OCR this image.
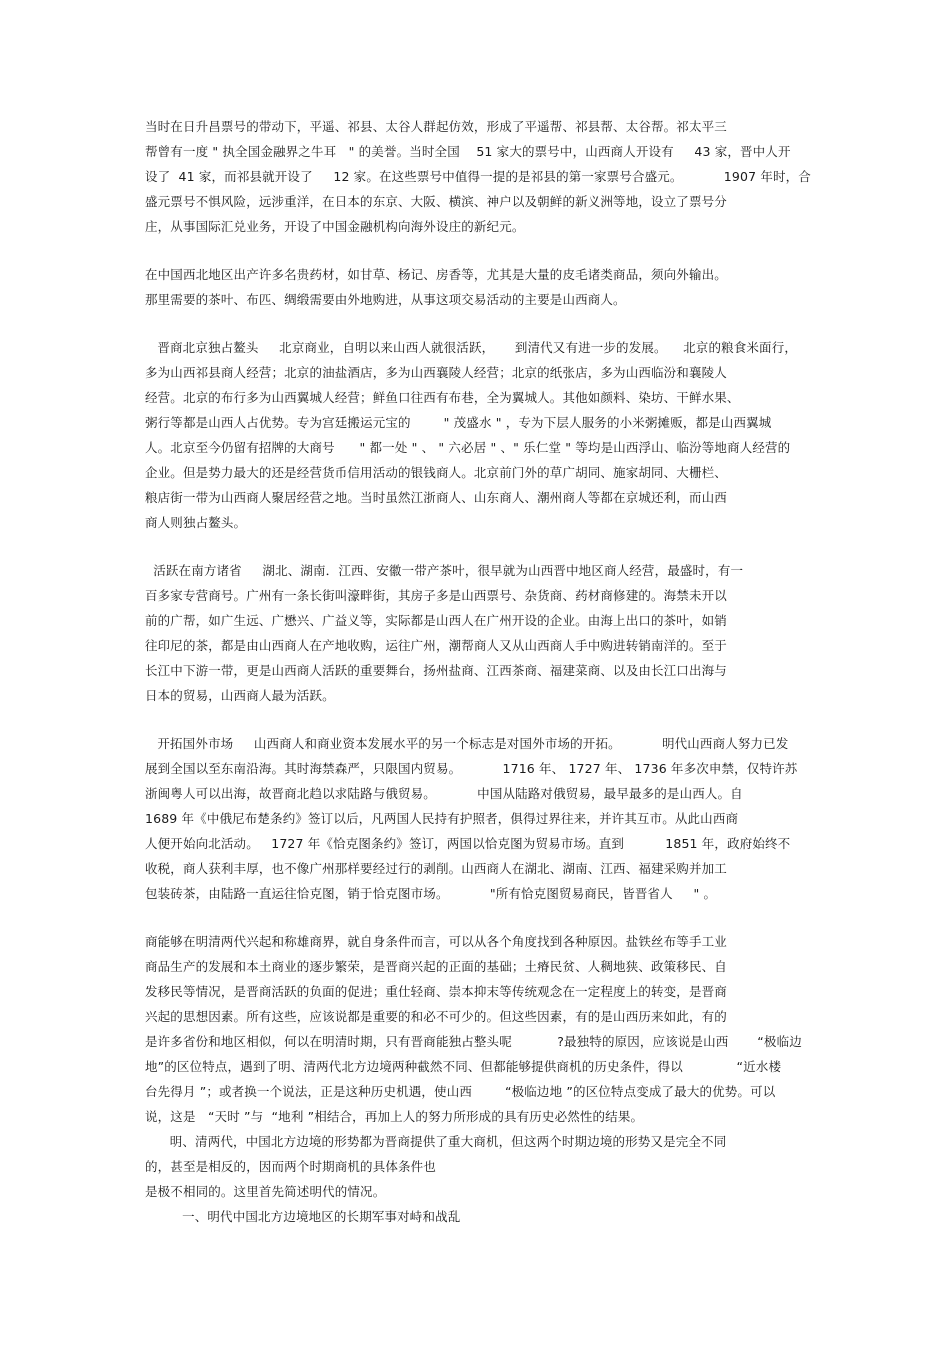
当时在日升昌票号的带动下，平遥、祁县、太谷人群起仿效，形成了平遥帮、祁县帮、太谷帮。祁太平三
帮曾有一度 " 执全国金融界之牛耳   " 的美誉。当时全国    51 家大的票号中，山西商人开设有     43 家，晋中人开
设了  41 家，而祁县就开设了     12 家。在这些票号中值得一提的是祁县的第一家票号合盛元。          1907 年时，合
盛元票号不惧风险，远涉重洋，在日本的东京、大阪、横滨、神户以及朝鲜的新义洲等地，设立了票号分
庄，从事国际汇兑业务，开设了中国金融机构向海外设庄的新纪元。
在中国西北地区出产许多名贵药材，如甘草、杨记、房香等，尤其是大量的皮毛诸类商品，须向外输出。
那里需要的茶叶、布匹、绸缎需要由外地购进，从事这项交易活动的主要是山西商人。
晋商北京独占鳌头     北京商业，自明以来山西人就很活跃，     到清代又有进一步的发展。    北京的粮食米面行，
多为山西祁县商人经营；北京的油盐酒店，多为山西襄陵人经营；北京的纸张店，多为山西临汾和襄陵人
经营。北京的布行多为山西翼城人经营；鲜鱼口往西有布巷，全为翼城人。其他如颜料、染坊、干鲜水果、
粥行等都是山西人占优势。专为宫廷搬运元宝的        " 茂盛水 " ，专为下层人服务的小米粥摊贩，都是山西翼城
人。北京至今仍留有招牌的大商号      " 都一处 " 、 " 六必居 " 、" 乐仁堂 " 等均是山西浮山、临汾等地商人经营的
企业。但是势力最大的还是经营货币信用活动的银钱商人。北京前门外的草广胡同、施家胡同、大栅栏、
粮店街一带为山西商人聚居经营之地。当时虽然江浙商人、山东商人、潮州商人等都在京城还利，而山西
商人则独占鳌头。
活跃在南方诸省     湖北、湖南．江西、安徽一带产茶叶，很早就为山西晋中地区商人经营，最盛时，有一
百多家专营商号。广州有一条长街叫濠畔街，其房子多是山西票号、杂货商、药材商修建的。海禁未开以
前的广帮，如广生远、广懋兴、广益义等，实际都是山西人在广州开设的企业。由海上出口的茶叶，如销
往印尼的茶，都是由山西商人在产地收购，运往广州，潮帮商人又从山西商人手中购进转销南洋的。至于
长江中下游一带，更是山西商人活跃的重要舞台，扬州盐商、江西茶商、福建菜商、以及由长江口出海与
日本的贸易，山西商人最为活跃。
开拓国外市场     山西商人和商业资本发展水平的另一个标志是对国外市场的开拓。          明代山西商人努力已发
展到全国以至东南沿海。其时海禁森严，只限国内贸易。          1716 年、 1727 年、 1736 年多次申禁，仅特许苏
浙闽粤人可以出海，故晋商北趋以求陆路与俄贸易。          中国从陆路对俄贸易，最早最多的是山西人。自
1689 年《中俄尼布楚条约》签订以后，凡两国人民持有护照者，俱得过界往来，并许其互市。从此山西商
人便开始向北活动。   1727 年《恰克图条约》签订，两国以恰克图为贸易市场。直到          1851 年，政府始终不
收税，商人获利丰厚，也不像广州那样要经过行的剥削。山西商人在湖北、湖南、江西、福建采购并加工
包装砖茶，由陆路一直运往恰克图，销于恰克图市场。          "所有恰克图贸易商民，皆晋省人     " 。
商能够在明清两代兴起和称雄商界，就自身条件而言，可以从各个角度找到各种原因。盐铁丝布等手工业
商品生产的发展和本土商业的逐步繁荣，是晋商兴起的正面的基础；土瘠民贫、人稠地狭、政策移民、自
发移民等情况，是晋商活跃的负面的促进；重仕轻商、崇本抑末等传统观念在一定程度上的转变，是晋商
兴起的思想因素。所有这些，应该说都是重要的和必不可少的。但这些因素，有的是山西历来如此，有的
是许多省份和地区相似，何以在明清时期，只有晋商能独占整头呢           ?最独特的原因，应该说是山西       “极临边
地”的区位特点，遇到了明、清两代北方边境两种截然不同、但都能够提供商机的历史条件，得以             “近水楼
台先得月 ”；或者换一个说法，正是这种历史机遇，使山西        “极临边地 ”的区位特点变成了最大的优势。可以
说，这是   “天时 ”与  “地利 ”相结合，再加上人的努力所形成的具有历史必然性的结果。
明、清两代，中国北方边境的形势都为晋商提供了重大商机，但这两个时期边境的形势又是完全不同
的，甚至是相反的，因而两个时期商机的具体条件也
是极不相同的。这里首先简述明代的情况。
一、明代中国北方边境地区的长期军事对峙和战乱
